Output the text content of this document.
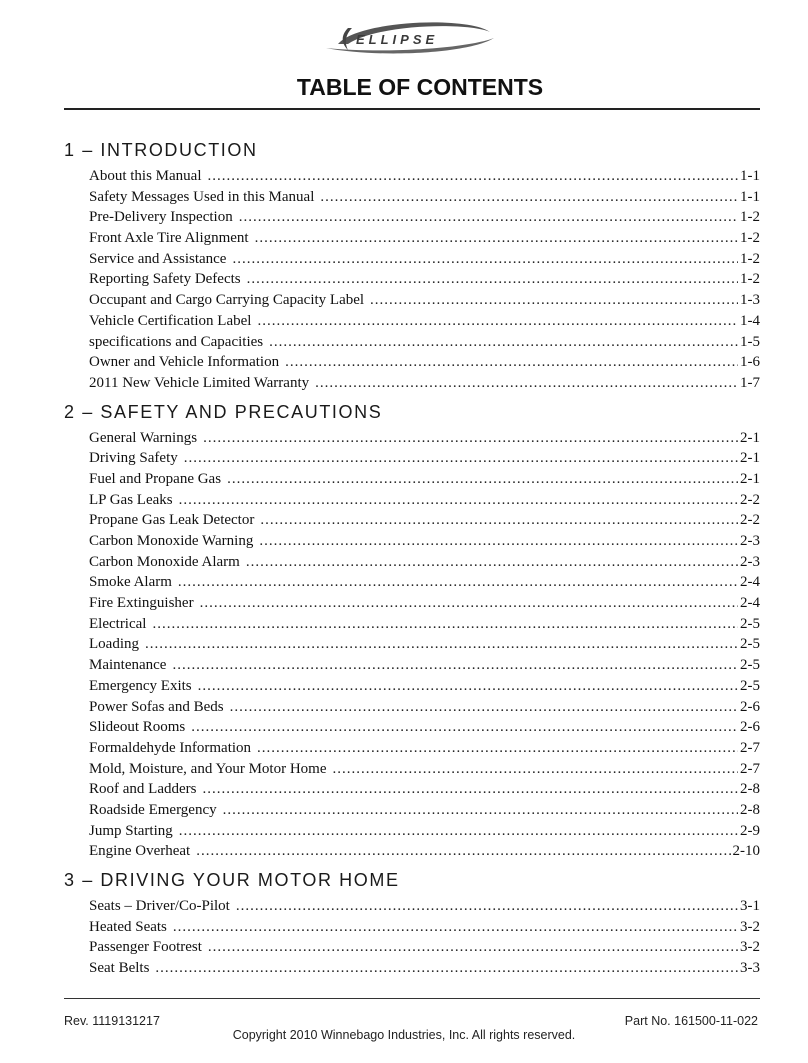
ELLIPSE
TABLE OF CONTENTS
1 – INTRODUCTION
About this Manual .....	1-1
Safety Messages Used in this Manual .....	1-1
Pre-Delivery Inspection .....	1-2
Front Axle Tire Alignment .....	1-2
Service and Assistance .....	1-2
Reporting Safety Defects .....	1-2
Occupant and Cargo Carrying Capacity Label .....	1-3
Vehicle Certification Label .....	1-4
specifications and Capacities .....	1-5
Owner and Vehicle Information .....	1-6
2011 New Vehicle Limited Warranty .....	1-7
2 – SAFETY AND PRECAUTIONS
General Warnings .....	2-1
Driving Safety .....	2-1
Fuel and Propane Gas .....	2-1
LP Gas Leaks .....	2-2
Propane Gas Leak Detector .....	2-2
Carbon Monoxide Warning .....	2-3
Carbon Monoxide Alarm .....	2-3
Smoke Alarm .....	2-4
Fire Extinguisher .....	2-4
Electrical .....	2-5
Loading .....	2-5
Maintenance .....	2-5
Emergency Exits .....	2-5
Power Sofas and Beds .....	2-6
Slideout Rooms .....	2-6
Formaldehyde Information .....	2-7
Mold, Moisture, and Your Motor Home .....	2-7
Roof and Ladders .....	2-8
Roadside Emergency .....	2-8
Jump Starting .....	2-9
Engine Overheat .....	2-10
3 – DRIVING YOUR MOTOR HOME
Seats – Driver/Co-Pilot .....	3-1
Heated Seats .....	3-2
Passenger Footrest .....	3-2
Seat Belts .....	3-3
Rev. 1119131217	Part No. 161500-11-022
Copyright 2010 Winnebago Industries, Inc. All rights reserved.
